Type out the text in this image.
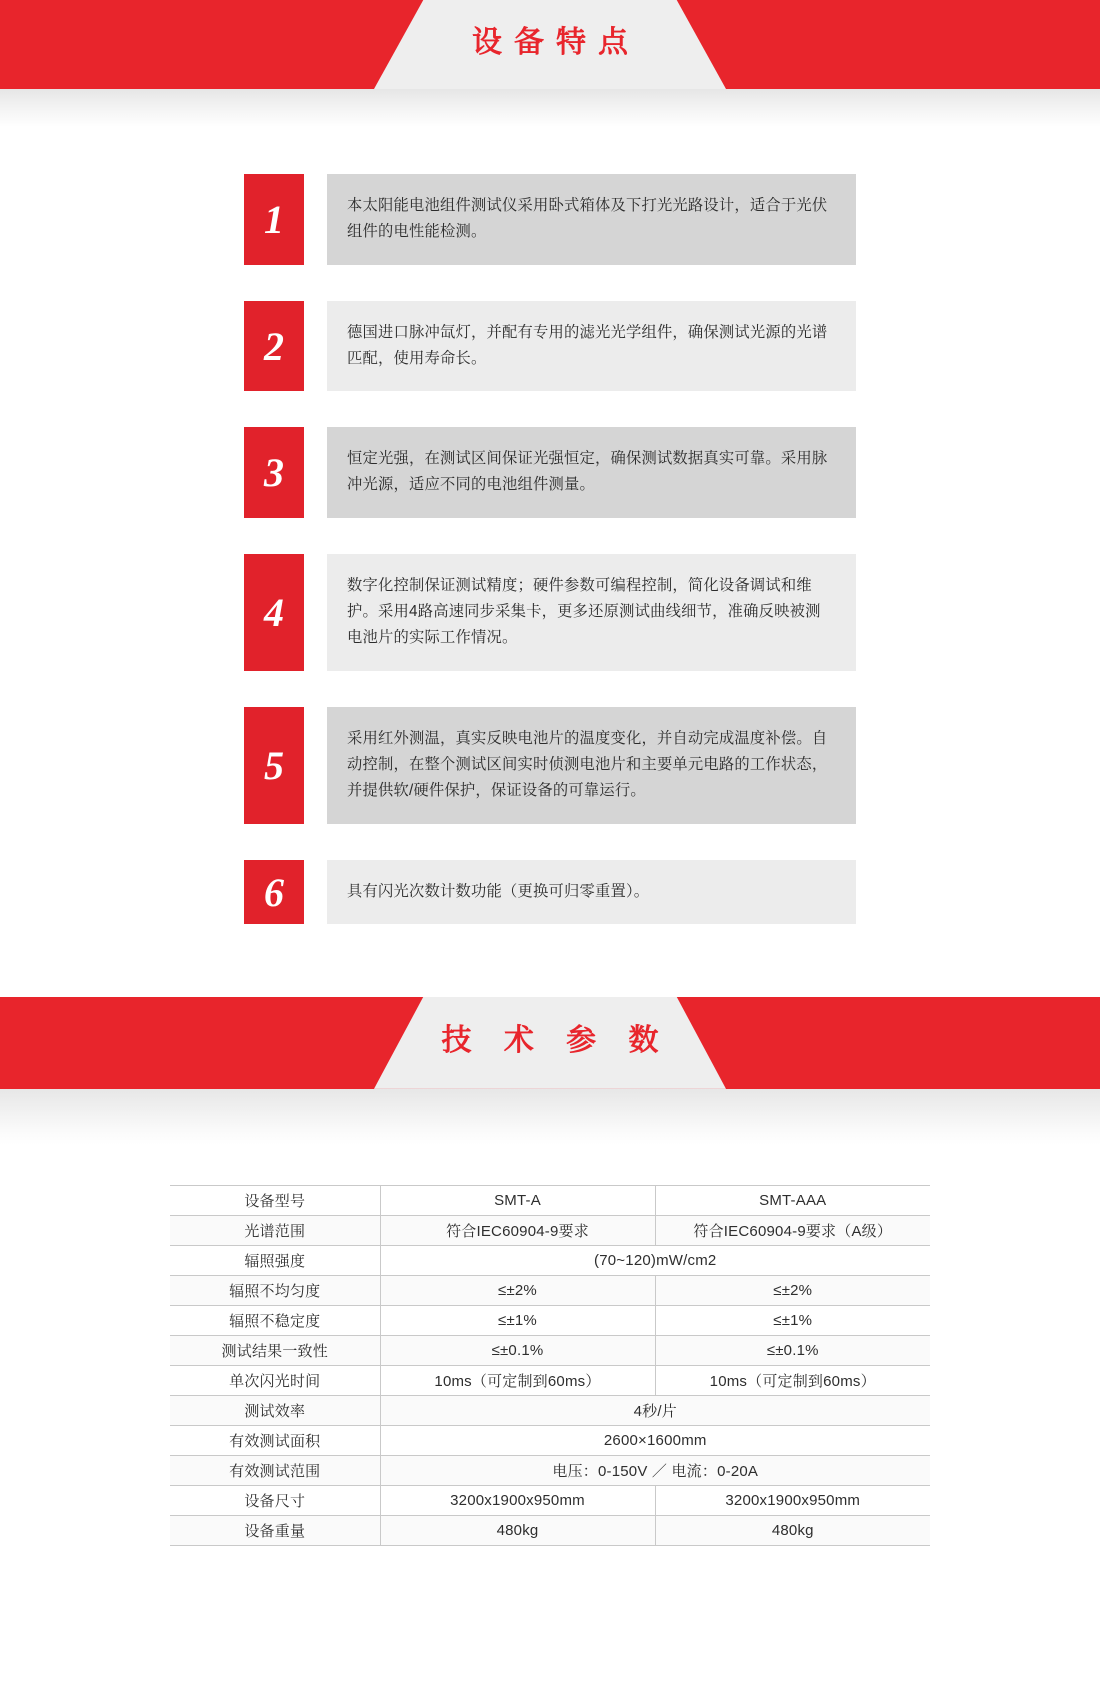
设备特点
1	本太阳能电池组件测试仪采用卧式箱体及下打光光路设计，适合于光伏组件的电性能检测。
2	德国进口脉冲氙灯，并配有专用的滤光光学组件，确保测试光源的光谱匹配，使用寿命长。
3	恒定光强，在测试区间保证光强恒定，确保测试数据真实可靠。采用脉冲光源，适应不同的电池组件测量。
4
数字化控制保证测试精度；硬件参数可编程控制，简化设备调试和维护。采用4路高速同步采集卡，更多还原测试曲线细节，准确反映被测电池片的实际工作情况。
5
采用红外测温，真实反映电池片的温度变化，并自动完成温度补偿。自动控制，在整个测试区间实时侦测电池片和主要单元电路的工作状态，并提供软/硬件保护，保证设备的可靠运行。
6	具有闪光次数计数功能（更换可归零重置）。
技 术 参 数
设备型号	SMT-A	SMT-AAA
光谱范围	符合IEC60904-9要求	符合IEC60904-9要求（A级）
辐照强度	(70~120)mW/cm2	
辐照不均匀度	≤±2%	≤±2%
辐照不稳定度	≤±1%	≤±1%
测试结果一致性	≤±0.1%	≤±0.1%
单次闪光时间	10ms（可定制到60ms）	10ms（可定制到60ms）
测试效率	4秒/片	
有效测试面积	2600×1600mm	
有效测试范围	电压：0-150V ／ 电流：0-20A	
设备尺寸	3200x1900x950mm	3200x1900x950mm
设备重量	480kg	480kg
